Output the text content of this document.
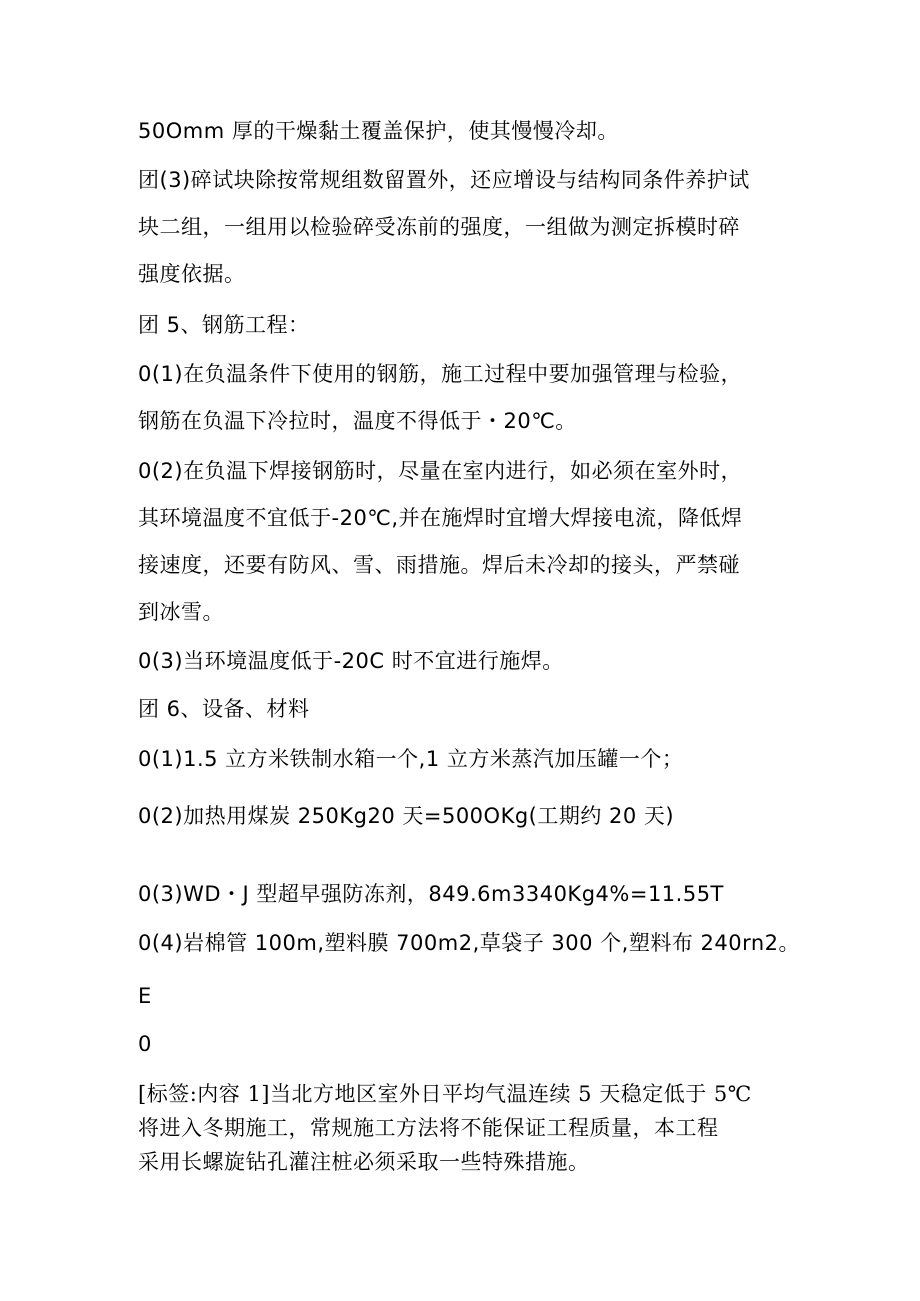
50Omm 厚的干燥黏土覆盖保护，使其慢慢冷却。

团(3)碎试块除按常规组数留置外，还应增设与结构同条件养护试
块二组，一组用以检验碎受冻前的强度，一组做为测定拆模时碎
强度依据。

团 5、钢筋工程：

0(1)在负温条件下使用的钢筋，施工过程中要加强管理与检验，
钢筋在负温下冷拉时，温度不得低于・20℃。

0(2)在负温下焊接钢筋时，尽量在室内进行，如必须在室外时，
其环境温度不宜低于-20℃,并在施焊时宜增大焊接电流，降低焊
接速度，还要有防风、雪、雨措施。焊后未冷却的接头，严禁碰
到冰雪。

0(3)当环境温度低于-20C 时不宜进行施焊。

团 6、设备、材料

0(1)1.5 立方米铁制水箱一个,1 立方米蒸汽加压罐一个；

0(2)加热用煤炭 250Kg20 天=500OKg(工期约 20 天)

0(3)WD・J 型超早强防冻剂，849.6m3340Kg4%=11.55T

0(4)岩棉管 100m,塑料膜 700m2,草袋子 300 个,塑料布 240rn2。

E

0

[标签:内容 1]当北方地区室外日平均气温连续 5 天稳定低于 5℃
将进入冬期施工，常规施工方法将不能保证工程质量，本工程
采用长螺旋钻孔灌注桩必须采取一些特殊措施。
